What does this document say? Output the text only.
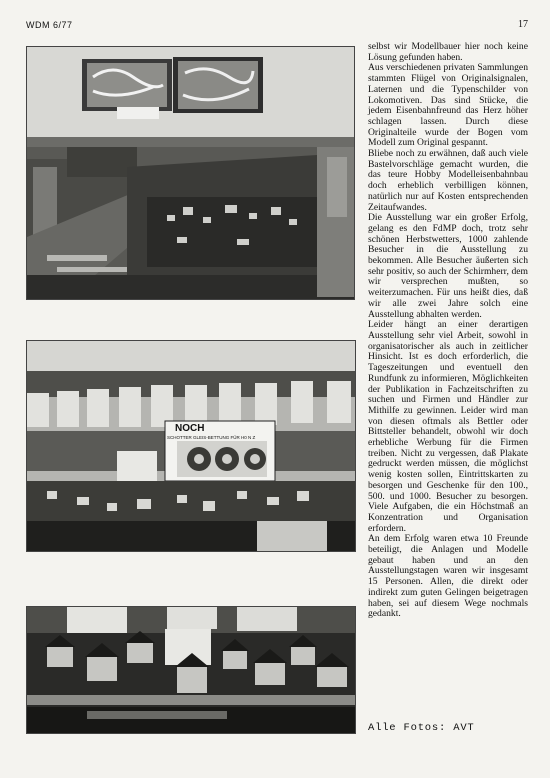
WDM 6/77	17
NOCH
SCHOTTER GLEIS-BETTUNG FÜR H0 N Z

selbst wir Modellbauer hier noch keine Lösung gefunden haben.

Aus verschiedenen privaten Sammlungen stammten Flügel von Originalsignalen, Laternen und die Typenschilder von Lokomotiven. Das sind Stücke, die jedem Eisenbahnfreund das Herz höher schlagen lassen. Durch diese Originalteile wurde der Bogen vom Modell zum Original gespannt.

Bliebe noch zu erwähnen, daß auch viele Bastelvorschläge gemacht wurden, die das teure Hobby Modelleisenbahnbau doch erheblich verbilligen können, natürlich nur auf Kosten entsprechenden Zeitaufwandes.

Die Ausstellung war ein großer Erfolg, gelang es den FdMP doch, trotz sehr schönen Herbstwetters, 1000 zahlende Besucher in die Ausstellung zu bekommen. Alle Besucher äußerten sich sehr positiv, so auch der Schirmherr, dem wir versprechen mußten, so weiterzumachen. Für uns heißt dies, daß wir alle zwei Jahre solch eine Ausstellung abhalten werden.

Leider hängt an einer derartigen Ausstellung sehr viel Arbeit, sowohl in organisatorischer als auch in zeitlicher Hinsicht. Ist es doch erforderlich, die Tageszeitungen und eventuell den Rundfunk zu informieren, Möglichkeiten der Publikation in Fachzeitschriften zu suchen und Firmen und Händler zur Mithilfe zu gewinnen. Leider wird man von diesen oftmals als Bettler oder Bittsteller behandelt, obwohl wir doch erhebliche Werbung für die Firmen treiben. Nicht zu vergessen, daß Plakate gedruckt werden müssen, die möglichst wenig kosten sollen, Eintrittskarten zu besorgen und Geschenke für den 100., 500. und 1000. Besucher zu besorgen. Viele Aufgaben, die ein Höchstmaß an Konzentration und Organisation erfordern.

An dem Erfolg waren etwa 10 Freunde beteiligt, die Anlagen und Modelle gebaut haben und an den Ausstellungstagen waren wir insgesamt 15 Personen. Allen, die direkt oder indirekt zum guten Gelingen beigetragen haben, sei auf diesem Wege nochmals gedankt.

Alle Fotos: AVT
